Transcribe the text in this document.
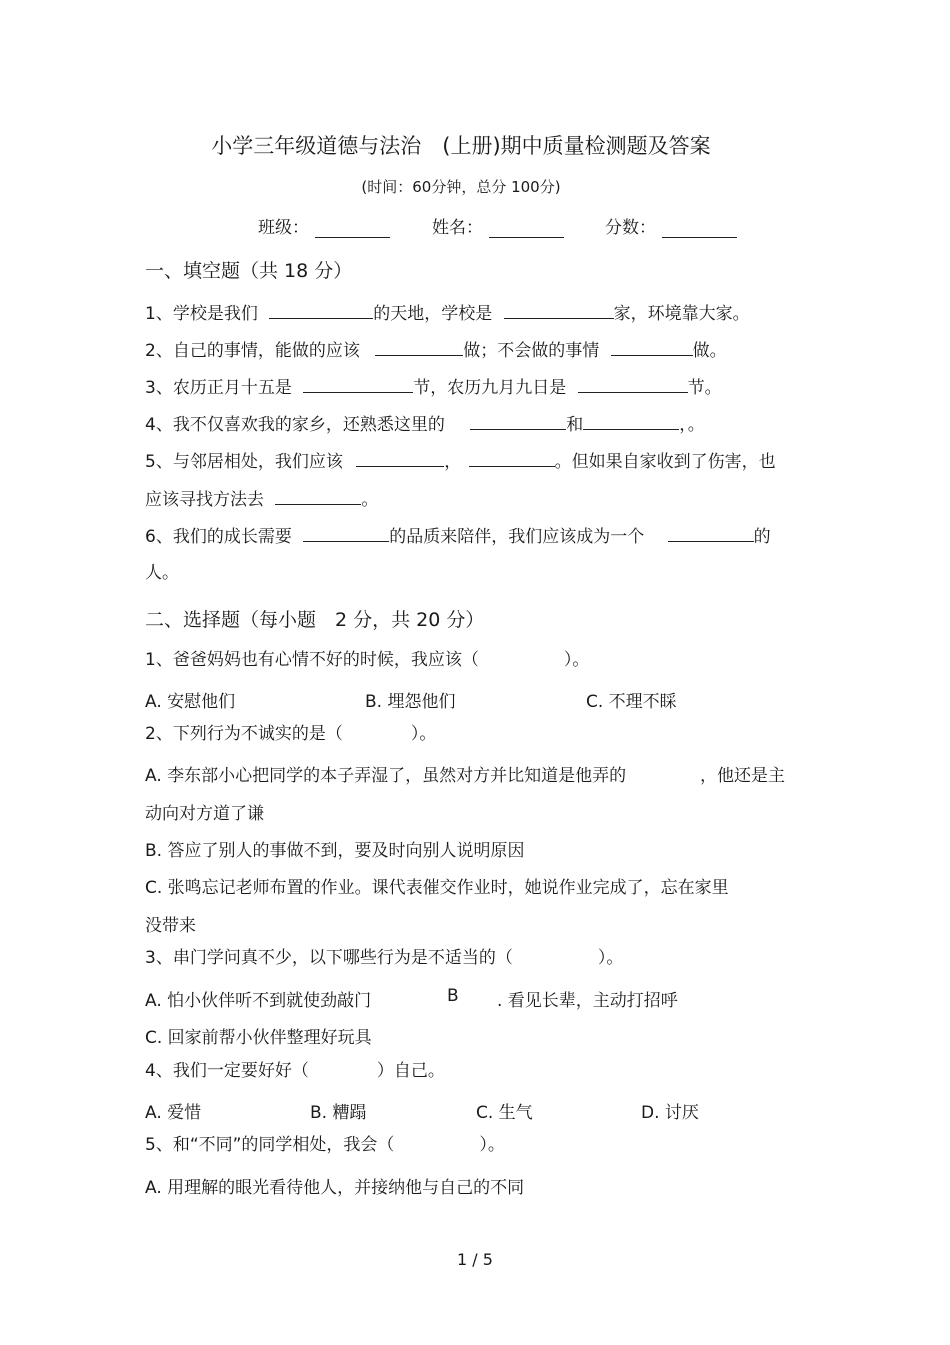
小学三年级道德与法治　(上册)期中质量检测题及答案
(时间：60分钟，总分 100分)
班级：	姓名：	分数：
一、填空题（共 18 分）
1、学校是我们	的天地，学校是	家，环境靠大家。
2、自己的事情，能做的应该	做；不会做的事情	做。
3、农历正月十五是	节，农历九月九日是	节。
4、我不仅喜欢我的家乡，还熟悉这里的	和	，。
5、与邻居相处，我们应该	，	。但如果自家收到了伤害，也
应该寻找方法去	。
6、我们的成长需要	的品质来陪伴，我们应该成为一个	的
人。
二、选择题（每小题　2 分，共 20 分）
1、爸爸妈妈也有心情不好的时候，我应该（　　　　　）。
A. 安慰他们	B. 埋怨他们	C. 不理不睬
2、下列行为不诚实的是（　　　　）。
A. 李东部小心把同学的本子弄湿了，虽然对方并比知道是他弄的	，他还是主
动向对方道了谦
B. 答应了别人的事做不到，要及时向别人说明原因
C. 张鸣忘记老师布置的作业。课代表催交作业时，她说作业完成了，忘在家里
没带来
3、串门学问真不少，以下哪些行为是不适当的（　　　　　）。
A. 怕小伙伴听不到就使劲敲门	B . 看见长辈，主动打招呼
C. 回家前帮小伙伴整理好玩具
4、我们一定要好好（　　　　）自己。
A. 爱惜	B. 糟蹋	C. 生气	D. 讨厌
5、和“不同”的同学相处，我会（　　　　　）。
A. 用理解的眼光看待他人，并接纳他与自己的不同
1 / 5
